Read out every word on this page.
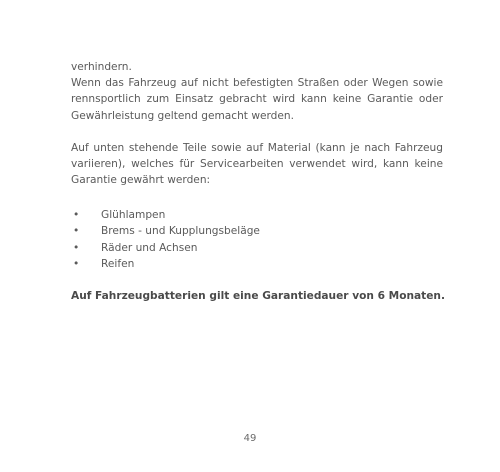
verhindern.
Wenn das Fahrzeug auf nicht befestigten Straßen oder Wegen sowie
rennsportlich zum Einsatz gebracht wird kann keine Garantie oder
Gewährleistung geltend gemacht werden.
Auf unten stehende Teile sowie auf Material (kann je nach Fahrzeug
variieren), welches für Servicearbeiten verwendet wird, kann keine
Garantie gewährt werden:
• Glühlampen
• Brems - und Kupplungsbeläge
• Räder und Achsen
• Reifen
Auf Fahrzeugbatterien gilt eine Garantiedauer von 6 Monaten.
49
